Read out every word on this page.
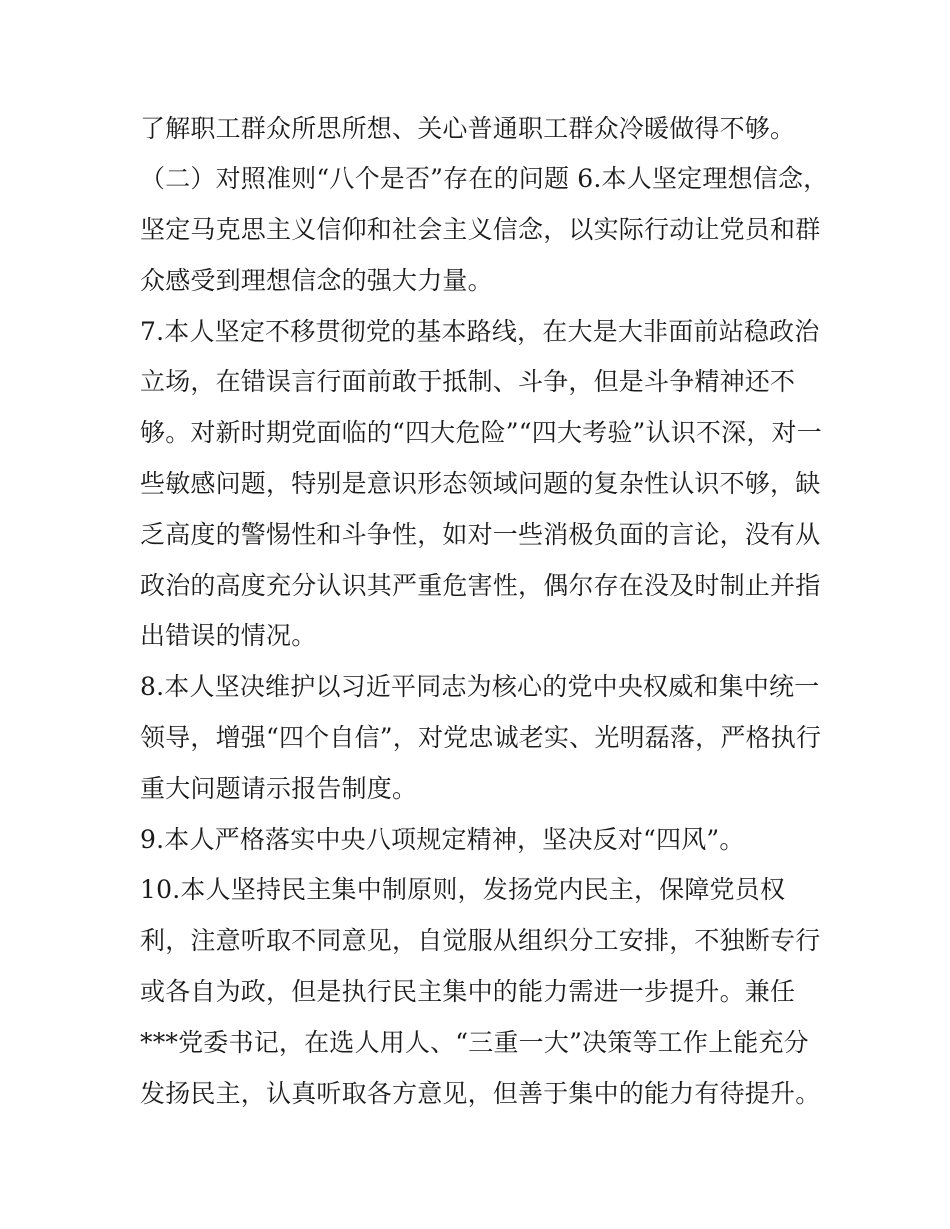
了解职工群众所思所想、关心普通职工群众冷暖做得不够。
（二）对照准则“八个是否”存在的问题 6.本人坚定理想信念，
坚定马克思主义信仰和社会主义信念，以实际行动让党员和群
众感受到理想信念的强大力量。
7.本人坚定不移贯彻党的基本路线，在大是大非面前站稳政治
立场，在错误言行面前敢于抵制、斗争，但是斗争精神还不
够。对新时期党面临的“四大危险”“四大考验”认识不深，对一
些敏感问题，特别是意识形态领域问题的复杂性认识不够，缺
乏高度的警惕性和斗争性，如对一些消极负面的言论，没有从
政治的高度充分认识其严重危害性，偶尔存在没及时制止并指
出错误的情况。
8.本人坚决维护以习近平同志为核心的党中央权威和集中统一
领导，增强“四个自信”，对党忠诚老实、光明磊落，严格执行
重大问题请示报告制度。
9.本人严格落实中央八项规定精神，坚决反对“四风”。
10.本人坚持民主集中制原则，发扬党内民主，保障党员权
利，注意听取不同意见，自觉服从组织分工安排，不独断专行
或各自为政，但是执行民主集中的能力需进一步提升。兼任
***党委书记，在选人用人、“三重一大”决策等工作上能充分
发扬民主，认真听取各方意见，但善于集中的能力有待提升。
